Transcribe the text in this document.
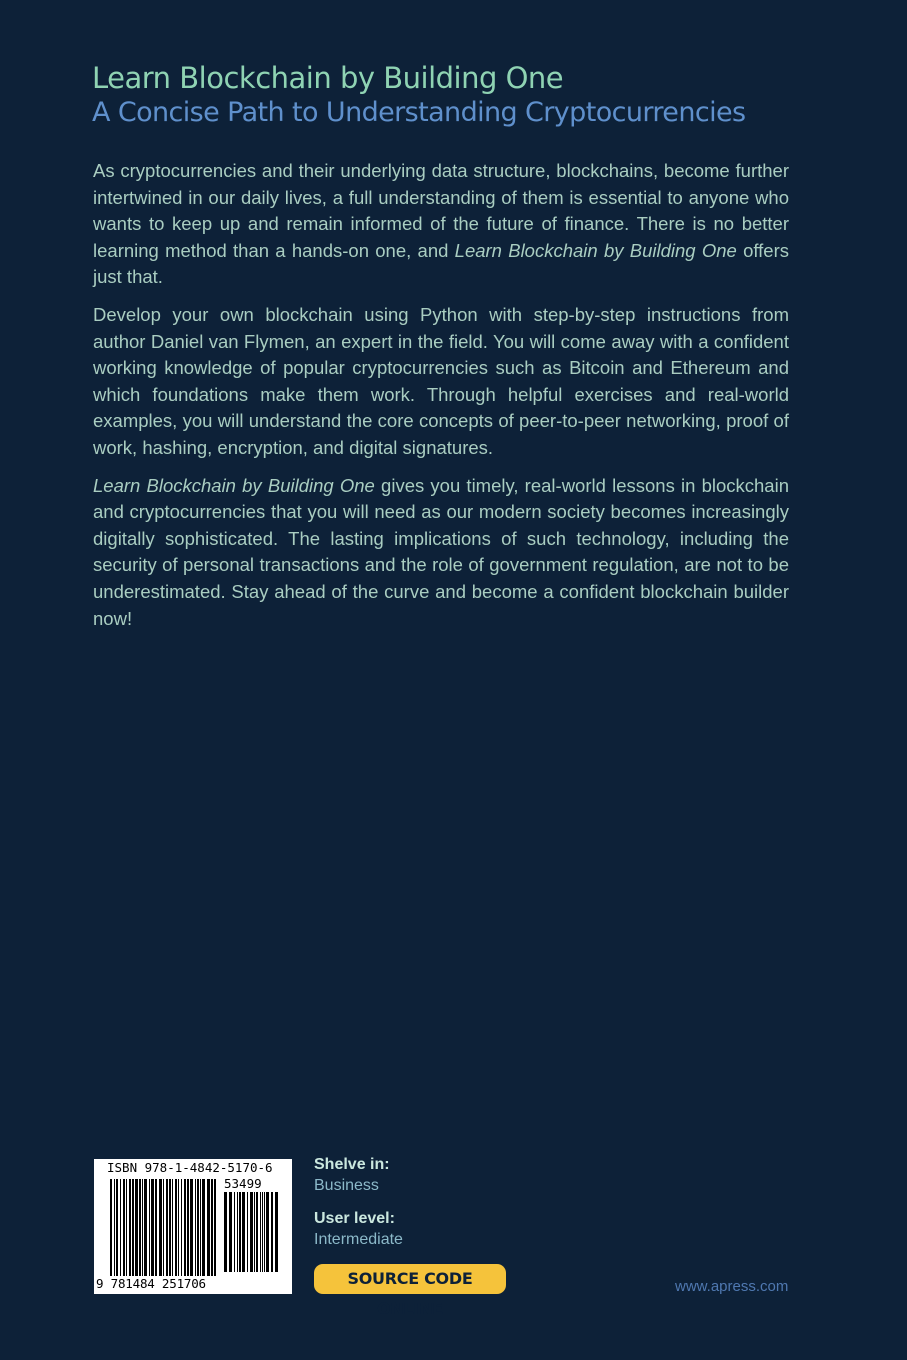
Learn Blockchain by Building One
A Concise Path to Understanding Cryptocurrencies

As cryptocurrencies and their underlying data structure, blockchains, become further intertwined in our daily lives, a full understanding of them is essential to anyone who wants to keep up and remain informed of the future of finance. There is no better learning method than a hands-on one, and Learn Blockchain by Building One offers just that.

Develop your own blockchain using Python with step-by-step instructions from author Daniel van Flymen, an expert in the field. You will come away with a confident working knowledge of popular cryptocurrencies such as Bitcoin and Ethereum and which foundations make them work. Through helpful exercises and real-world examples, you will understand the core concepts of peer-to-peer networking, proof of work, hashing, encryption, and digital signatures.

Learn Blockchain by Building One gives you timely, real-world lessons in blockchain and cryptocurrencies that you will need as our modern society becomes increasingly digitally sophisticated. The lasting implications of such technology, including the security of personal transactions and the role of government regulation, are not to be underestimated. Stay ahead of the curve and become a confident blockchain builder now!

ISBN 978-1-4842-5170-6
53499
9 781484 251706
Shelve in:
Business
User level:
Intermediate
SOURCE CODE ONLINE
www.apress.com
